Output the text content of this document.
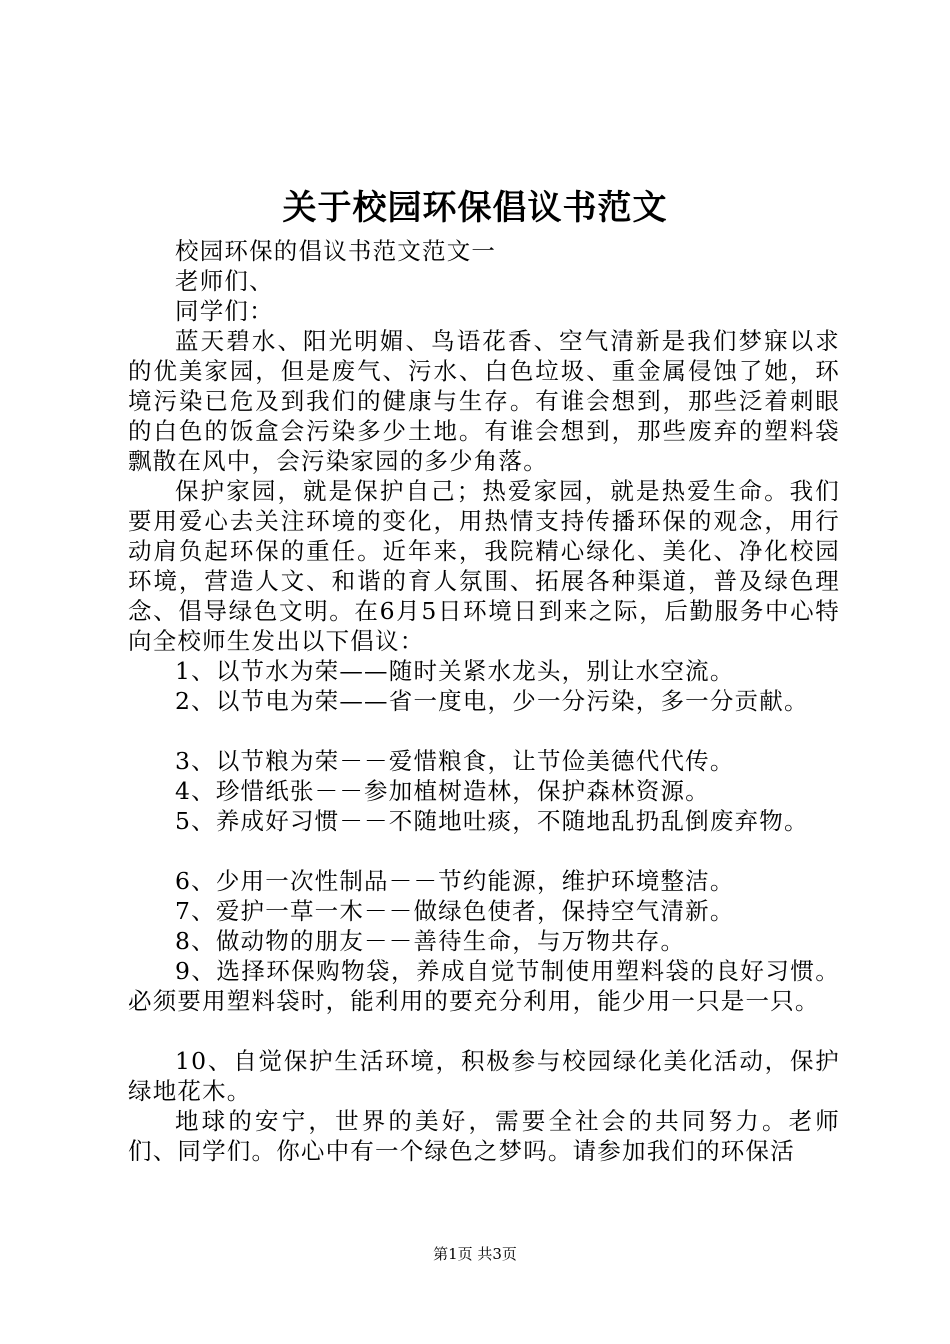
关于校园环保倡议书范文

校园环保的倡议书范文范文一

老师们、

同学们：

蓝天碧水、阳光明媚、鸟语花香、空气清新是我们梦寐以求的优美家园，但是废气、污水、白色垃圾、重金属侵蚀了她，环境污染已危及到我们的健康与生存。有谁会想到，那些泛着刺眼的白色的饭盒会污染多少土地。有谁会想到，那些废弃的塑料袋飘散在风中，会污染家园的多少角落。

保护家园，就是保护自己；热爱家园，就是热爱生命。我们要用爱心去关注环境的变化，用热情支持传播环保的观念，用行动肩负起环保的重任。近年来，我院精心绿化、美化、净化校园环境，营造人文、和谐的育人氛围、拓展各种渠道，普及绿色理念、倡导绿色文明。在6月5日环境日到来之际，后勤服务中心特向全校师生发出以下倡议：

1、以节水为荣——随时关紧水龙头，别让水空流。

2、以节电为荣——省一度电，少一分污染，多一分贡献。

3、以节粮为荣－－爱惜粮食，让节俭美德代代传。

4、珍惜纸张－－参加植树造林，保护森林资源。

5、养成好习惯－－不随地吐痰，不随地乱扔乱倒废弃物。

6、少用一次性制品－－节约能源，维护环境整洁。

7、爱护一草一木－－做绿色使者，保持空气清新。

8、做动物的朋友－－善待生命，与万物共存。

9、选择环保购物袋，养成自觉节制使用塑料袋的良好习惯。必须要用塑料袋时，能利用的要充分利用，能少用一只是一只。

10、自觉保护生活环境，积极参与校园绿化美化活动，保护绿地花木。

地球的安宁，世界的美好，需要全社会的共同努力。老师们、同学们。你心中有一个绿色之梦吗。请参加我们的环保活

第1页 共3页
